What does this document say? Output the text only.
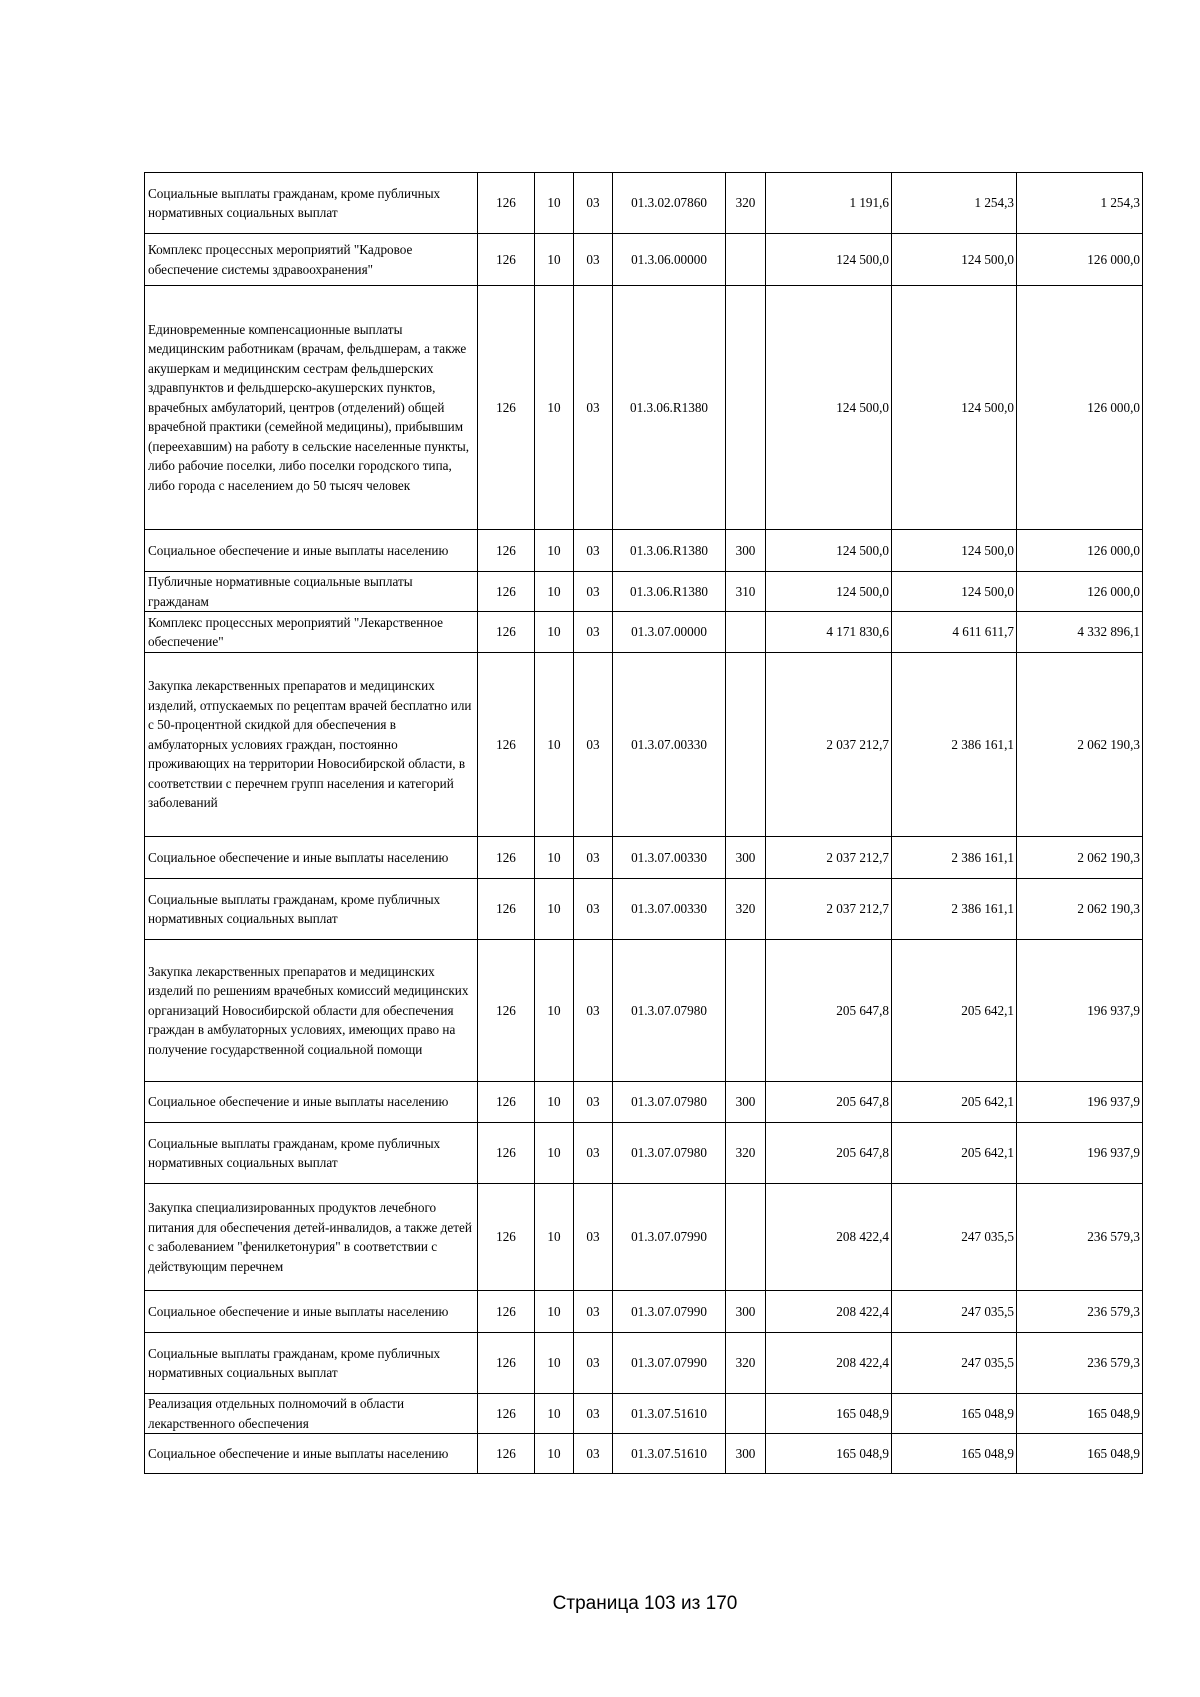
Социальные выплаты гражданам, кроме публичных нормативных социальных выплат	126	10	03	01.3.02.07860	320	1 191,6	1 254,3	1 254,3
Комплекс процессных мероприятий "Кадровое обеспечение системы здравоохранения"	126	10	03	01.3.06.00000		124 500,0	124 500,0	126 000,0
Единовременные компенсационные выплаты медицинским работникам (врачам, фельдшерам, а также акушеркам и медицинским сестрам фельдшерских здравпунктов и фельдшерско-акушерских пунктов, врачебных амбулаторий, центров (отделений) общей врачебной практики (семейной медицины), прибывшим (переехавшим) на работу в сельские населенные пункты, либо рабочие поселки, либо поселки городского типа, либо города с населением до 50 тысяч человек	126	10	03	01.3.06.R1380		124 500,0	124 500,0	126 000,0
Социальное обеспечение и иные выплаты населению	126	10	03	01.3.06.R1380	300	124 500,0	124 500,0	126 000,0
Публичные нормативные социальные выплаты гражданам	126	10	03	01.3.06.R1380	310	124 500,0	124 500,0	126 000,0
Комплекс процессных мероприятий "Лекарственное обеспечение"	126	10	03	01.3.07.00000		4 171 830,6	4 611 611,7	4 332 896,1
Закупка лекарственных препаратов и медицинских изделий, отпускаемых по рецептам врачей бесплатно или с 50-процентной скидкой для обеспечения в амбулаторных условиях граждан, постоянно проживающих на территории Новосибирской области, в соответствии с перечнем групп населения и категорий заболеваний	126	10	03	01.3.07.00330		2 037 212,7	2 386 161,1	2 062 190,3
Социальное обеспечение и иные выплаты населению	126	10	03	01.3.07.00330	300	2 037 212,7	2 386 161,1	2 062 190,3
Социальные выплаты гражданам, кроме публичных нормативных социальных выплат	126	10	03	01.3.07.00330	320	2 037 212,7	2 386 161,1	2 062 190,3
Закупка лекарственных препаратов и медицинских изделий по решениям врачебных комиссий медицинских организаций Новосибирской области для обеспечения граждан в амбулаторных условиях, имеющих право на получение государственной социальной помощи	126	10	03	01.3.07.07980		205 647,8	205 642,1	196 937,9
Социальное обеспечение и иные выплаты населению	126	10	03	01.3.07.07980	300	205 647,8	205 642,1	196 937,9
Социальные выплаты гражданам, кроме публичных нормативных социальных выплат	126	10	03	01.3.07.07980	320	205 647,8	205 642,1	196 937,9
Закупка специализированных продуктов лечебного питания для обеспечения детей-инвалидов, а также детей с заболеванием "фенилкетонурия" в соответствии с действующим перечнем	126	10	03	01.3.07.07990		208 422,4	247 035,5	236 579,3
Социальное обеспечение и иные выплаты населению	126	10	03	01.3.07.07990	300	208 422,4	247 035,5	236 579,3
Социальные выплаты гражданам, кроме публичных нормативных социальных выплат	126	10	03	01.3.07.07990	320	208 422,4	247 035,5	236 579,3
Реализация отдельных полномочий в области лекарственного обеспечения	126	10	03	01.3.07.51610		165 048,9	165 048,9	165 048,9
Социальное обеспечение и иные выплаты населению	126	10	03	01.3.07.51610	300	165 048,9	165 048,9	165 048,9
Страница 103 из 170
